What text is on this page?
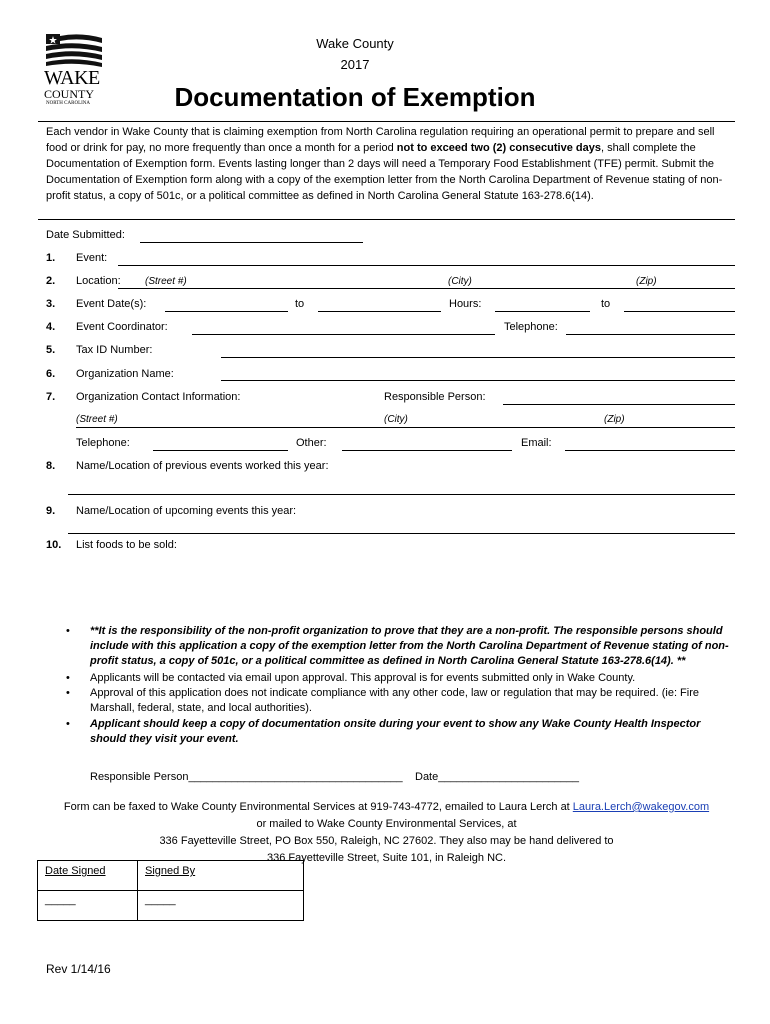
WAKE
COUNTY
NORTH CAROLINA
Wake County
2017
Documentation of Exemption
Each vendor in Wake County that is claiming exemption from North Carolina regulation requiring an operational permit to prepare and sell food or drink for pay, no more frequently than once a month for a period not to exceed two (2) consecutive days, shall complete the Documentation of Exemption form. Events lasting longer than 2 days will need a Temporary Food Establishment (TFE) permit. Submit the Documentation of Exemption form along with a copy of the exemption letter from the North Carolina Department of Revenue stating of non-profit status, a copy of 501c, or a political committee as defined in North Carolina General Statute 163-278.6(14).
Date Submitted:
1. Event:
2. Location: (Street #)	(City)	(Zip)
3. Event Date(s):	to	Hours:	to
4. Event Coordinator:	Telephone:
5. Tax ID Number:
6. Organization Name:
7. Organization Contact Information:	Responsible Person:
(Street #)	(City)	(Zip)
Telephone:	Other:	Email:
8. Name/Location of previous events worked this year:
9. Name/Location of upcoming events this year:
10. List foods to be sold:
• **It is the responsibility of the non-profit organization to prove that they are a non-profit. The responsible persons should include with this application a copy of the exemption letter from the North Carolina Department of Revenue stating of non-profit status, a copy of 501c, or a political committee as defined in North Carolina General Statute 163-278.6(14). **
• Applicants will be contacted via email upon approval. This approval is for events submitted only in Wake County.
• Approval of this application does not indicate compliance with any other code, law or regulation that may be required. (ie: Fire Marshall, federal, state, and local authorities).
• Applicant should keep a copy of documentation onsite during your event to show any Wake County Health Inspector should they visit your event.
Responsible Person___________________________________ Date_______________________
Form can be faxed to Wake County Environmental Services at 919-743-4772, emailed to Laura Lerch at Laura.Lerch@wakegov.com
or mailed to Wake County Environmental Services, at
336 Fayetteville Street, PO Box 550, Raleigh, NC 27602. They also may be hand delivered to
336 Fayetteville Street, Suite 101, in Raleigh NC.
Date Signed	Signed By
_____	_____
Rev 1/14/16
